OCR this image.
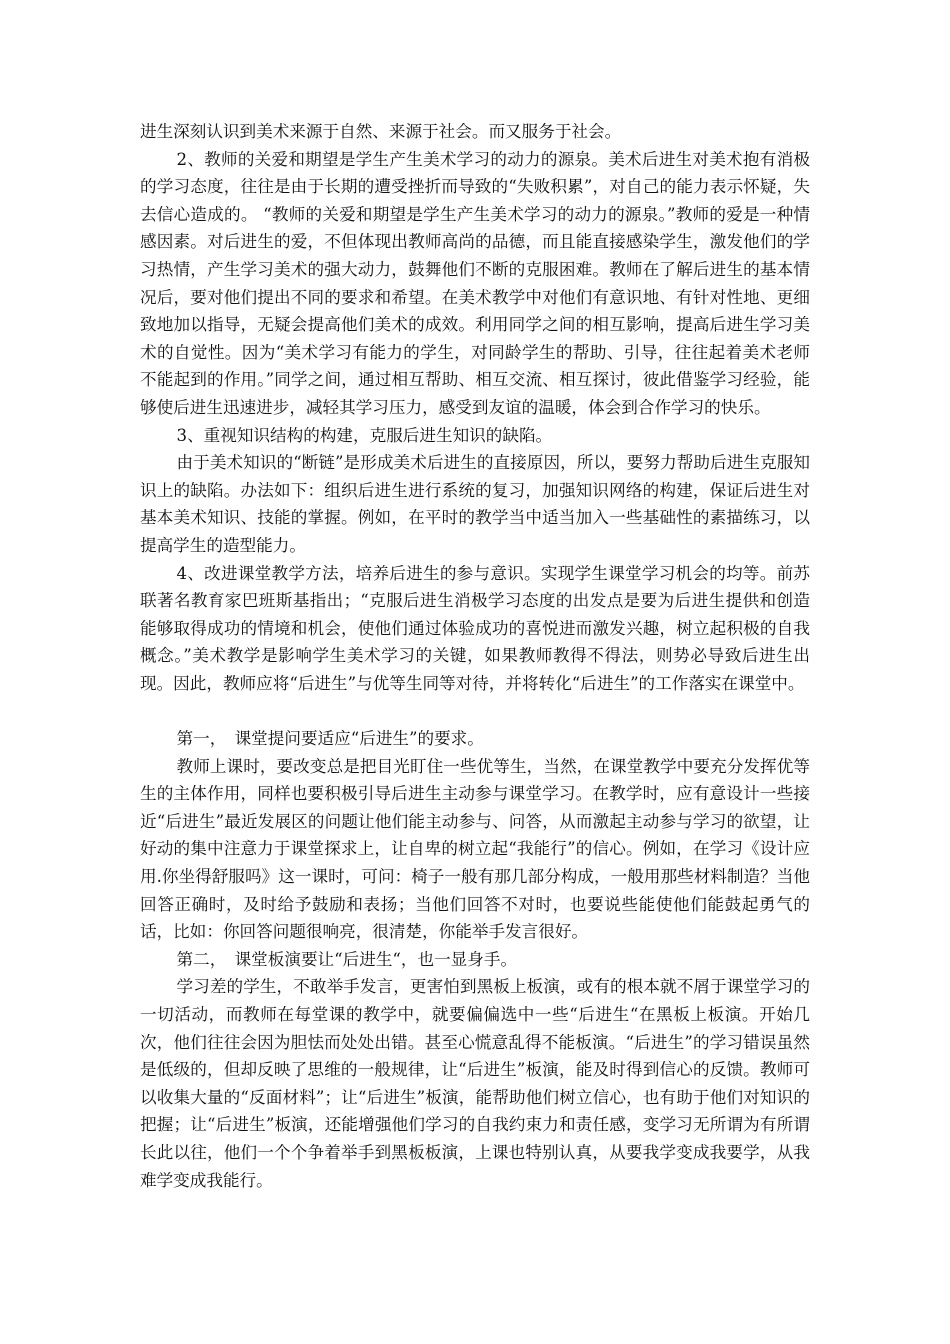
进生深刻认识到美术来源于自然、来源于社会。而又服务于社会。

2、教师的关爱和期望是学生产生美术学习的动力的源泉。美术后进生对美术抱有消极的学习态度，往往是由于长期的遭受挫折而导致的“失败积累”，对自己的能力表示怀疑，失去信心造成的。 “教师的关爱和期望是学生产生美术学习的动力的源泉。”教师的爱是一种情感因素。对后进生的爱，不但体现出教师高尚的品德，而且能直接感染学生，激发他们的学习热情，产生学习美术的强大动力，鼓舞他们不断的克服困难。教师在了解后进生的基本情况后，要对他们提出不同的要求和希望。在美术教学中对他们有意识地、有针对性地、更细致地加以指导，无疑会提高他们美术的成效。利用同学之间的相互影响，提高后进生学习美术的自觉性。因为“美术学习有能力的学生，对同龄学生的帮助、引导，往往起着美术老师不能起到的作用。”同学之间，通过相互帮助、相互交流、相互探讨，彼此借鉴学习经验，能够使后进生迅速进步，减轻其学习压力，感受到友谊的温暖，体会到合作学习的快乐。

3、重视知识结构的构建，克服后进生知识的缺陷。

由于美术知识的“断链”是形成美术后进生的直接原因，所以，要努力帮助后进生克服知识上的缺陷。办法如下：组织后进生进行系统的复习，加强知识网络的构建，保证后进生对基本美术知识、技能的掌握。例如，在平时的教学当中适当加入一些基础性的素描练习，以提高学生的造型能力。

4、改进课堂教学方法，培养后进生的参与意识。实现学生课堂学习机会的均等。前苏联著名教育家巴班斯基指出；“克服后进生消极学习态度的出发点是要为后进生提供和创造能够取得成功的情境和机会，使他们通过体验成功的喜悦进而激发兴趣，树立起积极的自我概念。”美术教学是影响学生美术学习的关键，如果教师教得不得法，则势必导致后进生出现。因此，教师应将“后进生”与优等生同等对待，并将转化“后进生”的工作落实在课堂中。

第一，　课堂提问要适应“后进生”的要求。

教师上课时，要改变总是把目光盯住一些优等生，当然，在课堂教学中要充分发挥优等生的主体作用，同样也要积极引导后进生主动参与课堂学习。在教学时，应有意设计一些接近“后进生”最近发展区的问题让他们能主动参与、问答，从而激起主动参与学习的欲望，让好动的集中注意力于课堂探求上，让自卑的树立起“我能行”的信心。例如，在学习《设计应用.你坐得舒服吗》这一课时，可问：椅子一般有那几部分构成，一般用那些材料制造？当他回答正确时，及时给予鼓励和表扬；当他们回答不对时，也要说些能使他们能鼓起勇气的话，比如：你回答问题很响亮，很清楚，你能举手发言很好。

第二，　课堂板演要让“后进生“，也一显身手。

学习差的学生，不敢举手发言，更害怕到黑板上板演，或有的根本就不屑于课堂学习的一切活动，而教师在每堂课的教学中，就要偏偏选中一些“后进生“在黑板上板演。开始几次，他们往往会因为胆怯而处处出错。甚至心慌意乱得不能板演。“后进生”的学习错误虽然是低级的，但却反映了思维的一般规律，让“后进生”板演，能及时得到信心的反馈。教师可以收集大量的“反面材料”；让“后进生”板演，能帮助他们树立信心，也有助于他们对知识的把握；让“后进生”板演，还能增强他们学习的自我约束力和责任感，变学习无所谓为有所谓长此以往，他们一个个争着举手到黑板板演，上课也特别认真，从要我学变成我要学，从我难学变成我能行。
